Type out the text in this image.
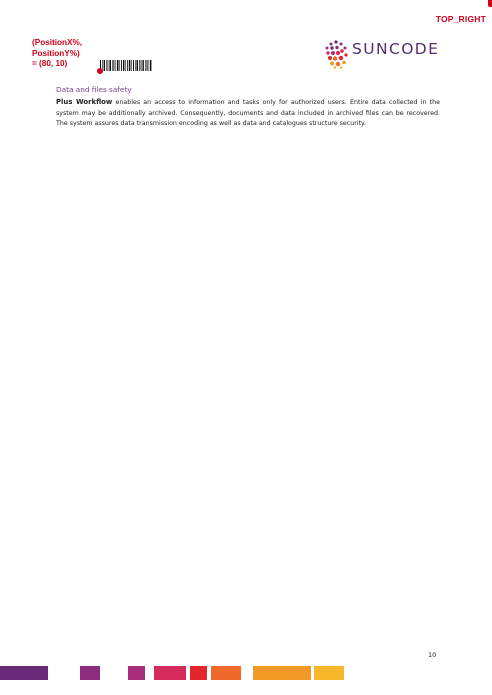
TOP_RIGHT
(PositionX%,
PositionY%)
= (80, 10)
SUNCODE
Data and files safety
Plus Workflow enables an access to information and tasks only for authorized users. Entire data collected in the system may be additionally archived. Consequently, documents and data included in archived files can be recovered. The system assures data transmission encoding as well as data and catalogues structure security.
10
